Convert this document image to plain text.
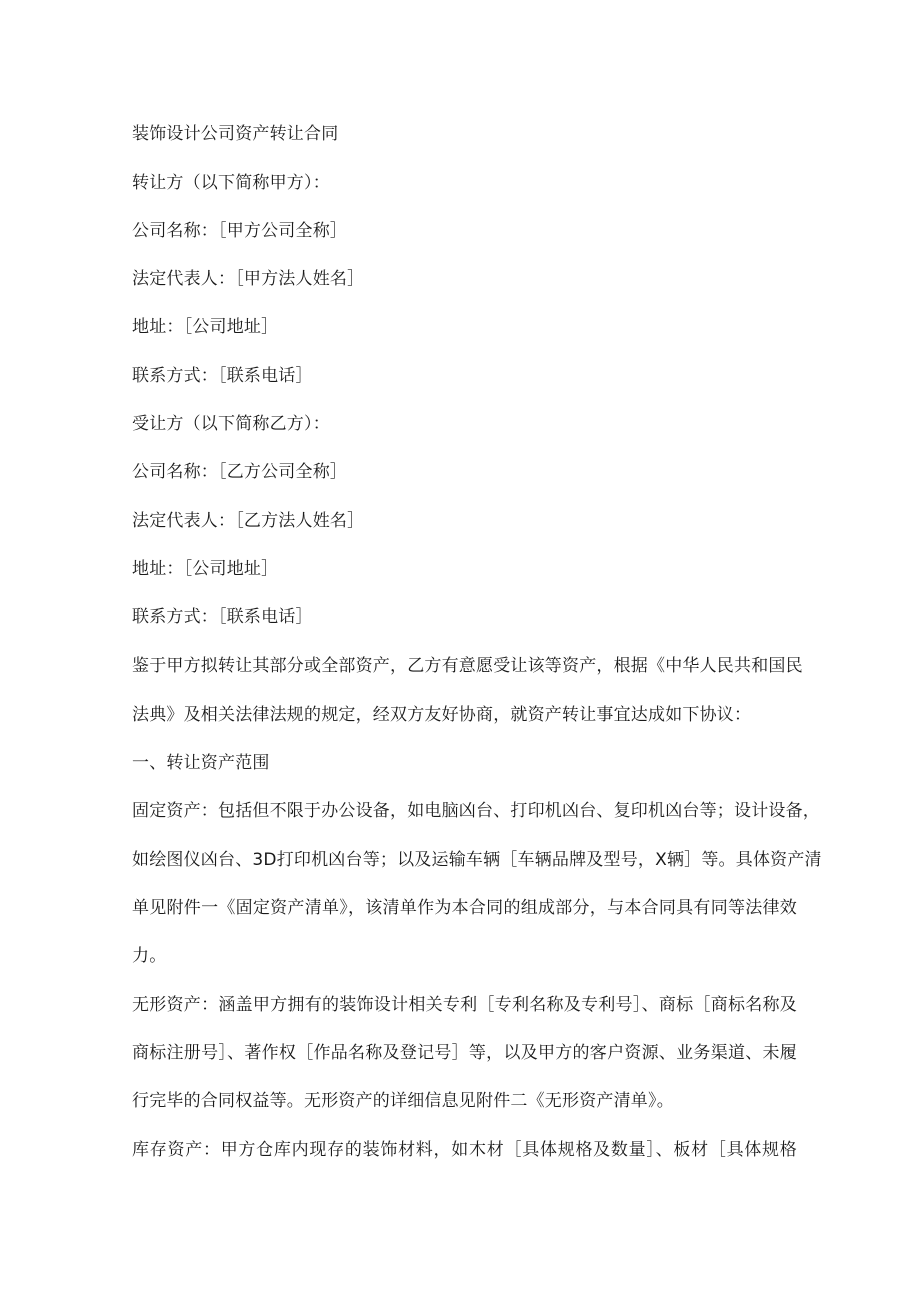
装饰设计公司资产转让合同
转让方（以下简称甲方）：
公司名称：［甲方公司全称］
法定代表人：［甲方法人姓名］
地址：［公司地址］
联系方式：［联系电话］
受让方（以下简称乙方）：
公司名称：［乙方公司全称］
法定代表人：［乙方法人姓名］
地址：［公司地址］
联系方式：［联系电话］
鉴于甲方拟转让其部分或全部资产，乙方有意愿受让该等资产，根据《中华人民共和国民
法典》及相关法律法规的规定，经双方友好协商，就资产转让事宜达成如下协议：
一、转让资产范围
固定资产：包括但不限于办公设备，如电脑凶台、打印机凶台、复印机凶台等；设计设备，
如绘图仪凶台、3D打印机凶台等；以及运输车辆［车辆品牌及型号，X辆］等。具体资产清
单见附件一《固定资产清单》，该清单作为本合同的组成部分，与本合同具有同等法律效
力。
无形资产：涵盖甲方拥有的装饰设计相关专利［专利名称及专利号］、商标［商标名称及
商标注册号］、著作权［作品名称及登记号］等，以及甲方的客户资源、业务渠道、未履
行完毕的合同权益等。无形资产的详细信息见附件二《无形资产清单》。
库存资产：甲方仓库内现存的装饰材料，如木材［具体规格及数量］、板材［具体规格
